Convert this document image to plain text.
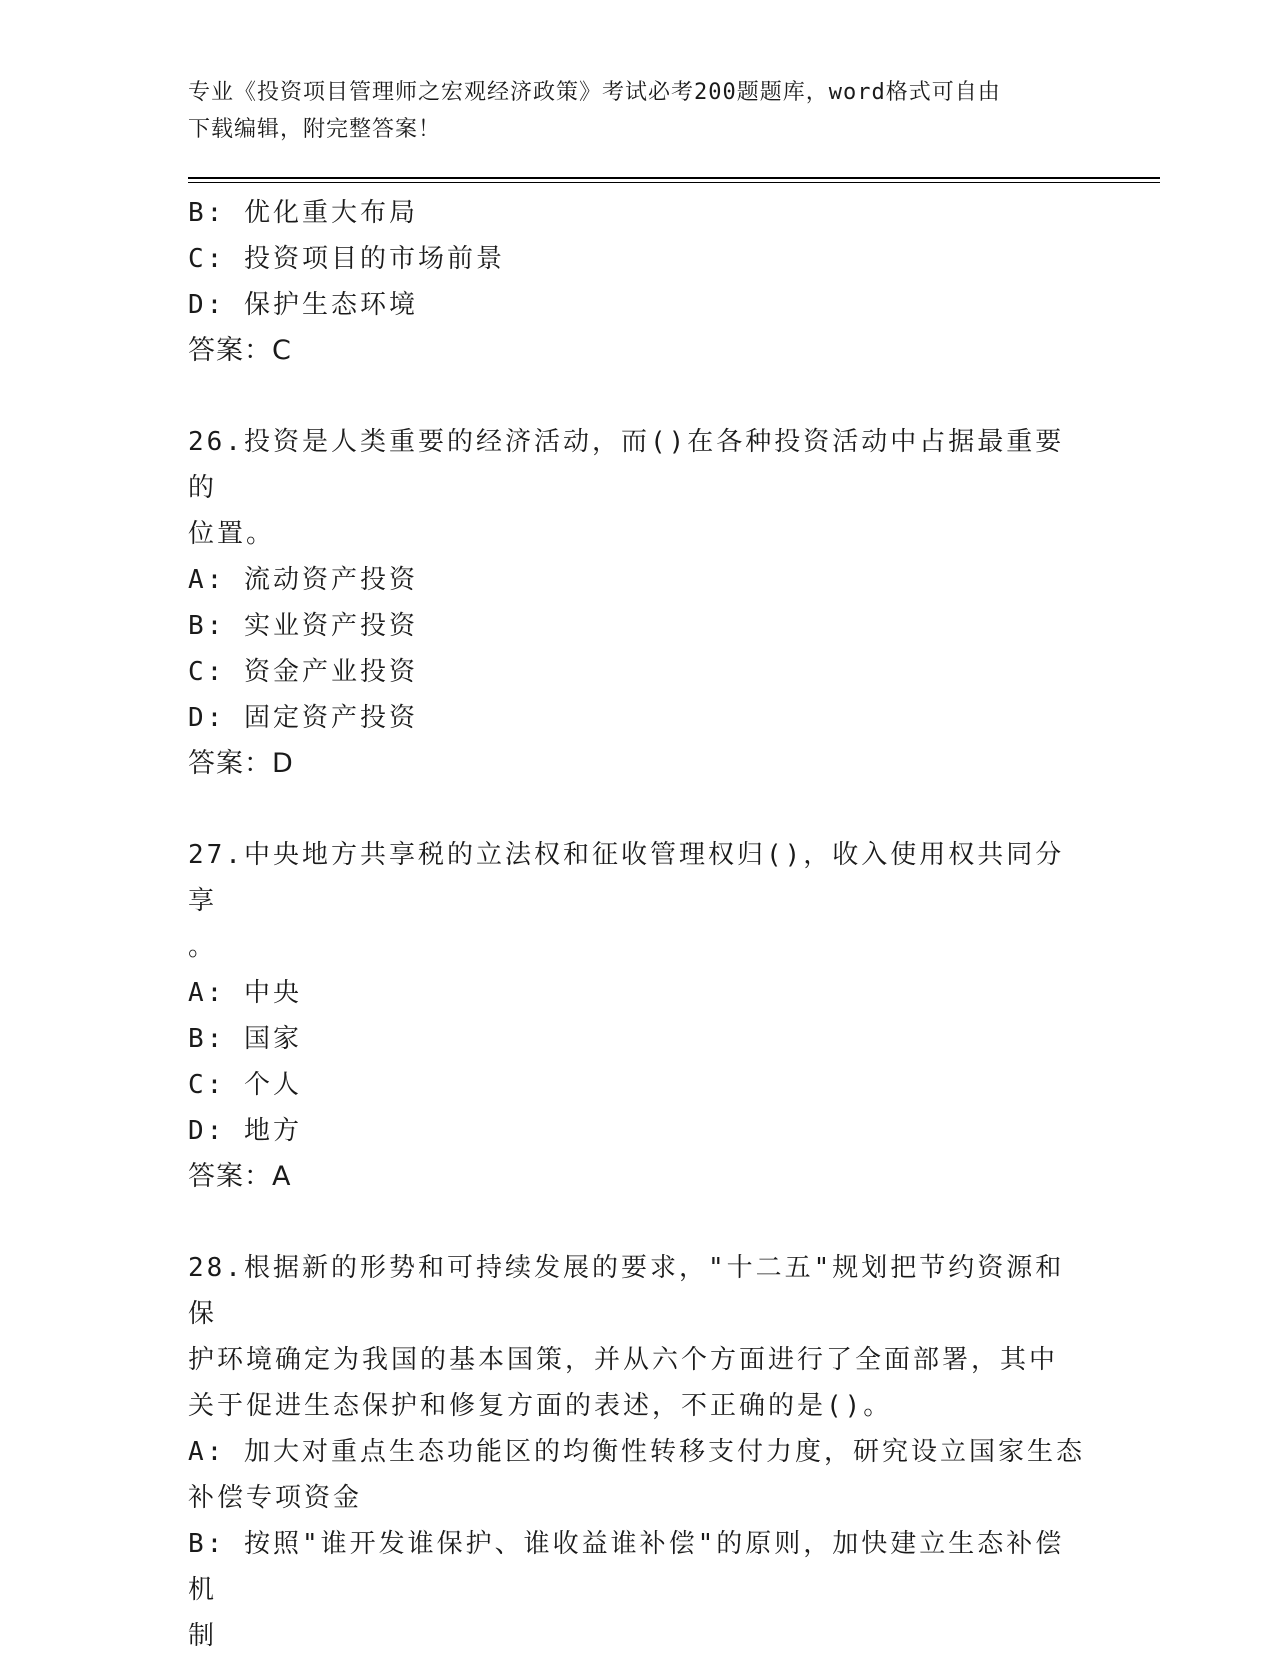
专业《投资项目管理师之宏观经济政策》考试必考200题题库，word格式可自由
下载编辑，附完整答案！
B: 优化重大布局
C: 投资项目的市场前景
D: 保护生态环境
答案：C
26.投资是人类重要的经济活动，而()在各种投资活动中占据最重要的
位置。
A: 流动资产投资
B: 实业资产投资
C: 资金产业投资
D: 固定资产投资
答案：D
27.中央地方共享税的立法权和征收管理权归()，收入使用权共同分享
。
A: 中央
B: 国家
C: 个人
D: 地方
答案：A
28.根据新的形势和可持续发展的要求，"十二五"规划把节约资源和保
护环境确定为我国的基本国策，并从六个方面进行了全面部署，其中
关于促进生态保护和修复方面的表述，不正确的是()。
A: 加大对重点生态功能区的均衡性转移支付力度，研究设立国家生态
补偿专项资金
B: 按照"谁开发谁保护、谁收益谁补偿"的原则，加快建立生态补偿机
制
